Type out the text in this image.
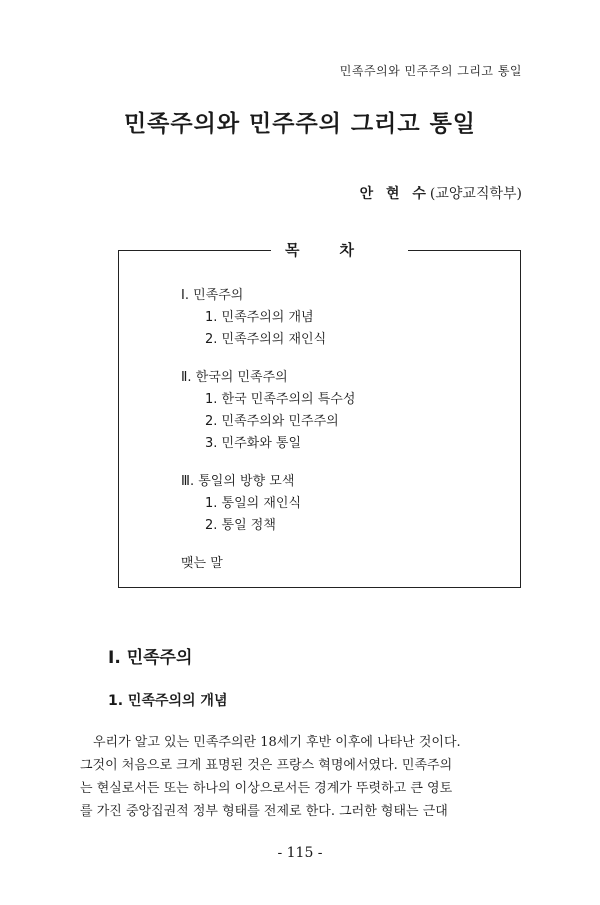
민족주의와 민주주의 그리고 통일
민족주의와 민주주의 그리고 통일
안 현 수(교양교직학부)
목차
Ⅰ. 민족주의
1. 민족주의의 개념
2. 민족주의의 재인식
Ⅱ. 한국의 민족주의
1. 한국 민족주의의 특수성
2. 민족주의와 민주주의
3. 민주화와 통일
Ⅲ. 통일의 방향 모색
1. 통일의 재인식
2. 통일 정책
맺는 말
Ⅰ. 민족주의
1. 민족주의의 개념
우리가 알고 있는 민족주의란 18세기 후반 이후에 나타난 것이다.
그것이 처음으로 크게 표명된 것은 프랑스 혁명에서였다. 민족주의
는 현실로서든 또는 하나의 이상으로서든 경계가 뚜렷하고 큰 영토
를 가진 중앙집권적 정부 형태를 전제로 한다. 그러한 형태는 근대
- 115 -
